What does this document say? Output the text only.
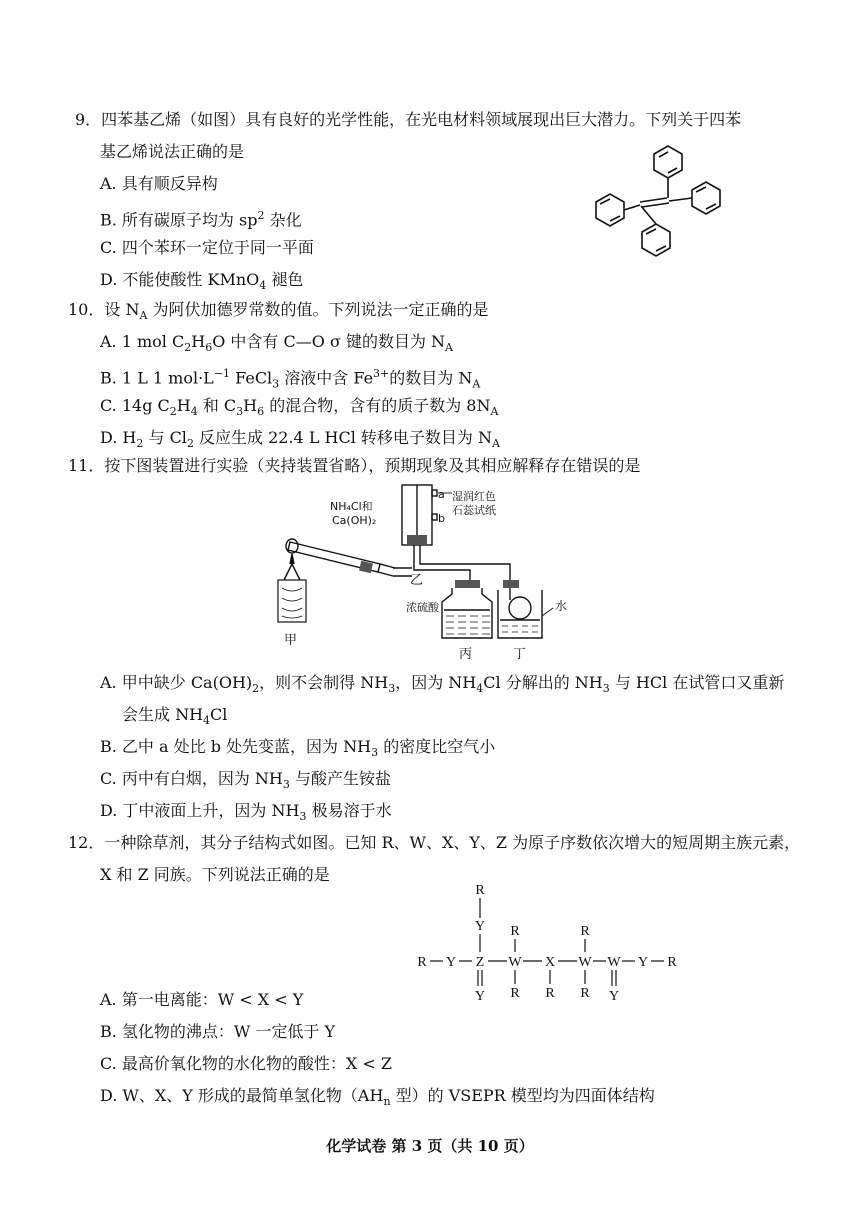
9．四苯基乙烯（如图）具有良好的光学性能，在光电材料领域展现出巨大潜力。下列关于四苯
基乙烯说法正确的是
A. 具有顺反异构
B. 所有碳原子均为 $sp^2$ 杂化
C. 四个苯环一定位于同一平面
D. 不能使酸性 KMnO$_4$ 褪色
10．设 $N_A$ 为阿伏加德罗常数的值。下列说法一定正确的是
A. 1 mol $C_2H_6O$ 中含有 C—O σ 键的数目为 $N_A$
B. 1 L 1 $mol\cdot L^{-1}$ FeCl$_3$ 溶液中含 $Fe^{3+}$的数目为 $N_A$
C. 14g $C_2H_4$ 和 $C_3H_6$ 的混合物，含有的质子数为 $8N_A$
D. $H_2$ 与 $Cl_2$ 反应生成 22.4 L HCl 转移电子数目为 $N_A$
11．按下图装置进行实验（夹持装置省略），预期现象及其相应解释存在错误的是
NH₄Cl和
Ca(OH)₂
a
b
湿润红色
石蕊试纸
乙
甲
浓硫酸
丙	丁
水
A. 甲中缺少 $Ca(OH)_2$，则不会制得 $NH_3$，因为 $NH_4Cl$ 分解出的 $NH_3$ 与 HCl 在试管口又重新
会生成 $NH_4Cl$
B. 乙中 a 处比 b 处先变蓝，因为 $NH_3$ 的密度比空气小
C. 丙中有白烟，因为 $NH_3$ 与酸产生铵盐
D. 丁中液面上升，因为 $NH_3$ 极易溶于水
12．一种除草剂，其分子结构式如图。已知 R、W、X、Y、Z 为原子序数依次增大的短周期主族元素，
X 和 Z 同族。下列说法正确的是
R
Y R	R
R Y Z W X W W Y R
Y R R R Y
A. 第一电离能：W < X < Y
B. 氢化物的沸点：W 一定低于 Y
C. 最高价氧化物的水化物的酸性：X < Z
D. W、X、Y 形成的最简单氢化物（$AH_n$ 型）的 VSEPR 模型均为四面体结构
化学试卷 第 3 页（共 10 页）
